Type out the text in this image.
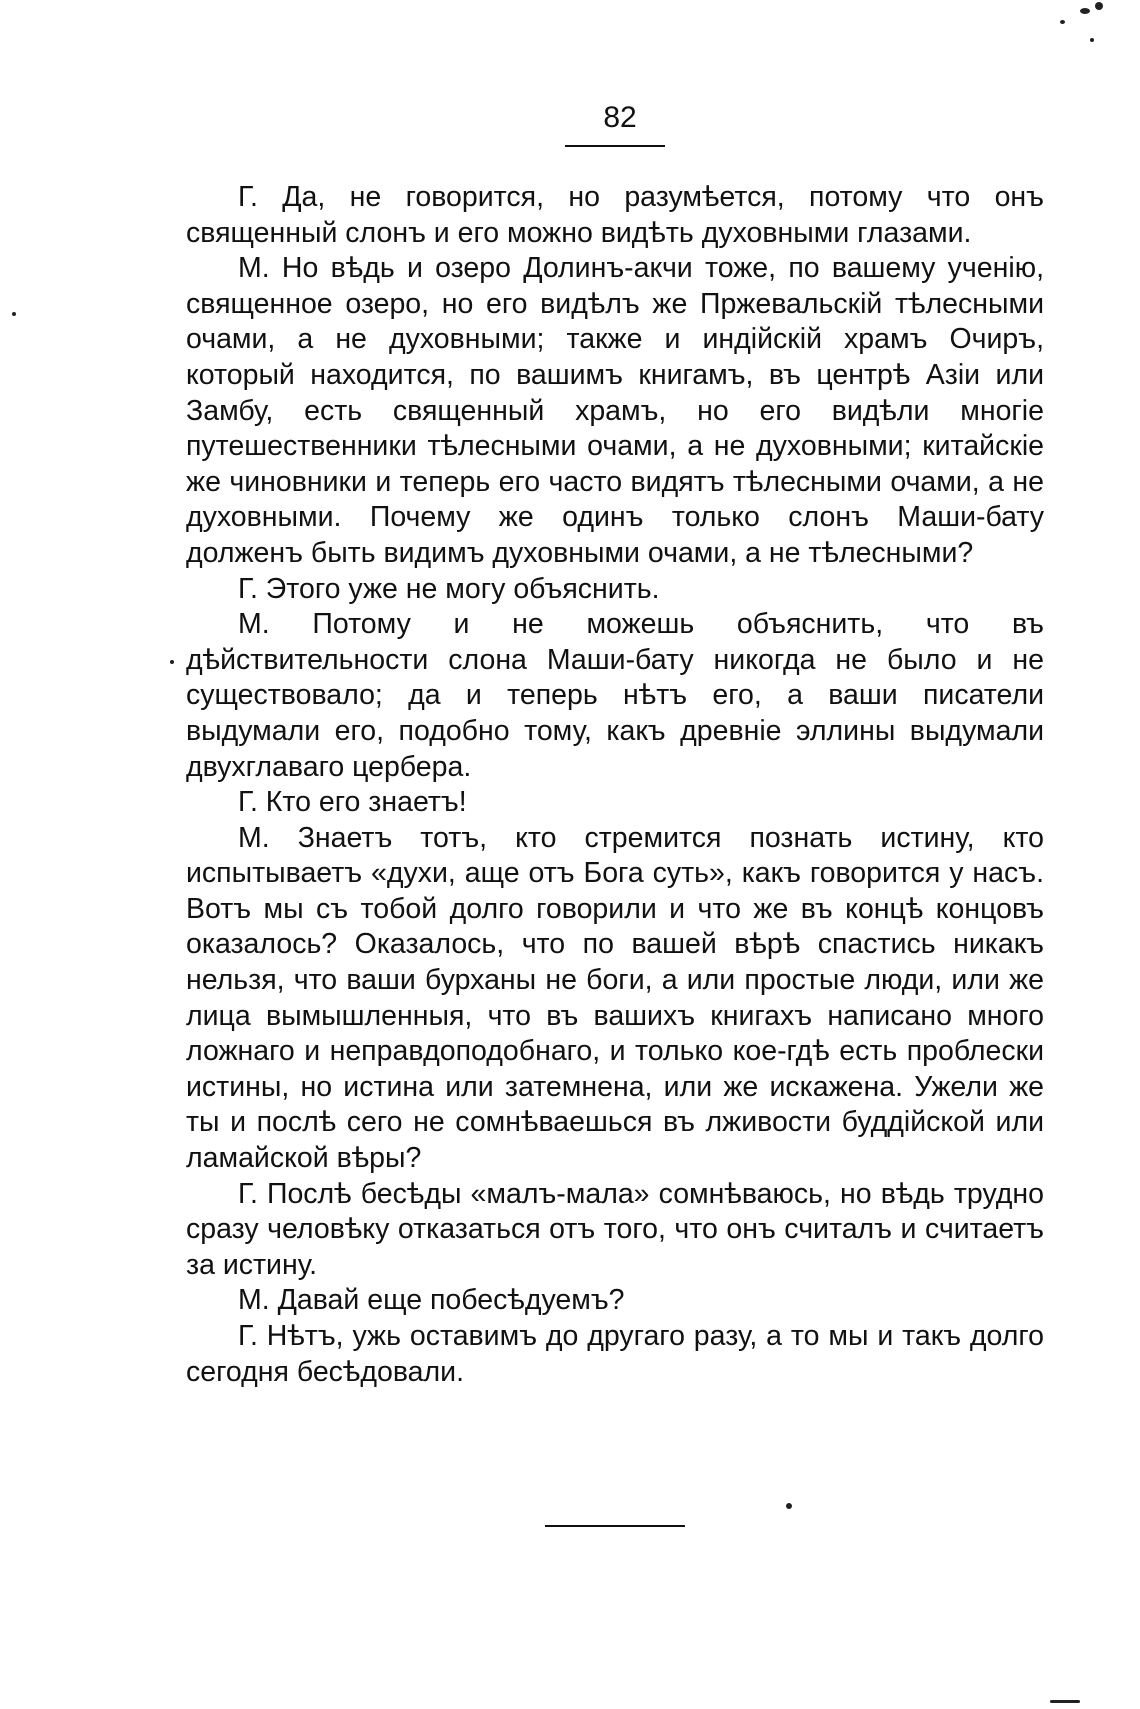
82

Г. Да, не говорится, но разумѣется, потому что онъ священный слонъ и его можно видѣть духовными глазами.

М. Но вѣдь и озеро Долинъ-акчи тоже, по вашему ученію, священное озеро, но его видѣлъ же Пржевальскій тѣлесными очами, а не духовными; также и индійскій храмъ Очиръ, который находится, по вашимъ книгамъ, въ центрѣ Азіи или Замбу, есть священный храмъ, но его видѣли многіе путешественники тѣлесными очами, а не духовными; китайскіе же чиновники и теперь его часто видятъ тѣлесными очами, а не духовными. Почему же одинъ только слонъ Маши-бату долженъ быть видимъ духовными очами, а не тѣлесными?

Г. Этого уже не могу объяснить.

М. Потому и не можешь объяснить, что въ дѣйствительности слона Маши-бату никогда не было и не существовало; да и теперь нѣтъ его, а ваши писатели выдумали его, подобно тому, какъ древніе эллины выдумали двухглаваго цербера.

Г. Кто его знаетъ!

М. Знаетъ тотъ, кто стремится познать истину, кто испытываетъ «духи, аще отъ Бога суть», какъ говорится у насъ. Вотъ мы съ тобой долго говорили и что же въ концѣ концовъ оказалось? Оказалось, что по вашей вѣрѣ спастись никакъ нельзя, что ваши бурханы не боги, а или простые люди, или же лица вымышленныя, что въ вашихъ книгахъ написано много ложнаго и неправдоподобнаго, и только кое-гдѣ есть проблески истины, но истина или затемнена, или же искажена. Ужели же ты и послѣ сего не сомнѣваешься въ лживости буддійской или ламайской вѣры?

Г. Послѣ бесѣды «малъ-мала» сомнѣваюсь, но вѣдь трудно сразу человѣку отказаться отъ того, что онъ считалъ и считаетъ за истину.

М. Давай еще побесѣдуемъ?

Г. Нѣтъ, ужь оставимъ до другаго разу, а то мы и такъ долго сегодня бесѣдовали.
